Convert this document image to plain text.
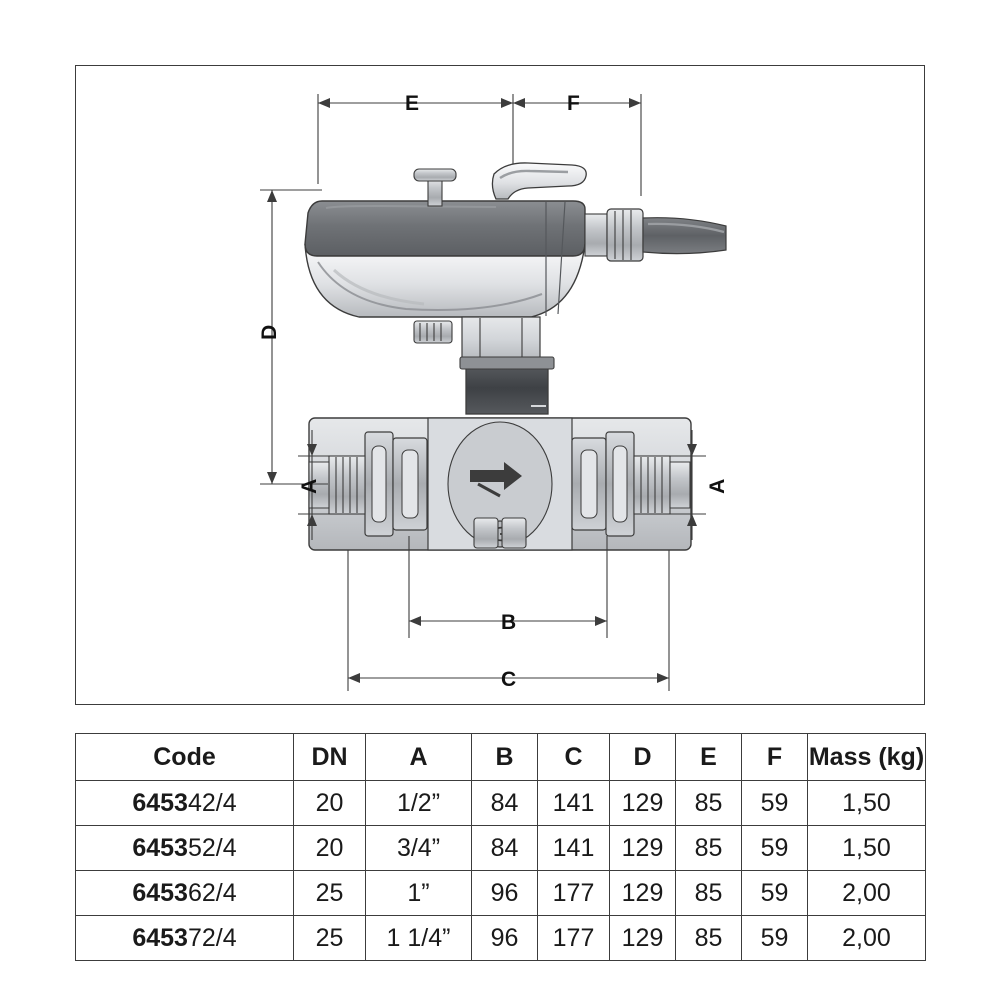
E	F
D
A	A
B
C
Code	DN	A	B	C	D	E	F	Mass (kg)
645342/4	20	1/2”	84	141	129	85	59	1,50
645352/4	20	3/4”	84	141	129	85	59	1,50
645362/4	25	1”	96	177	129	85	59	2,00
645372/4	25	1 1/4”	96	177	129	85	59	2,00
